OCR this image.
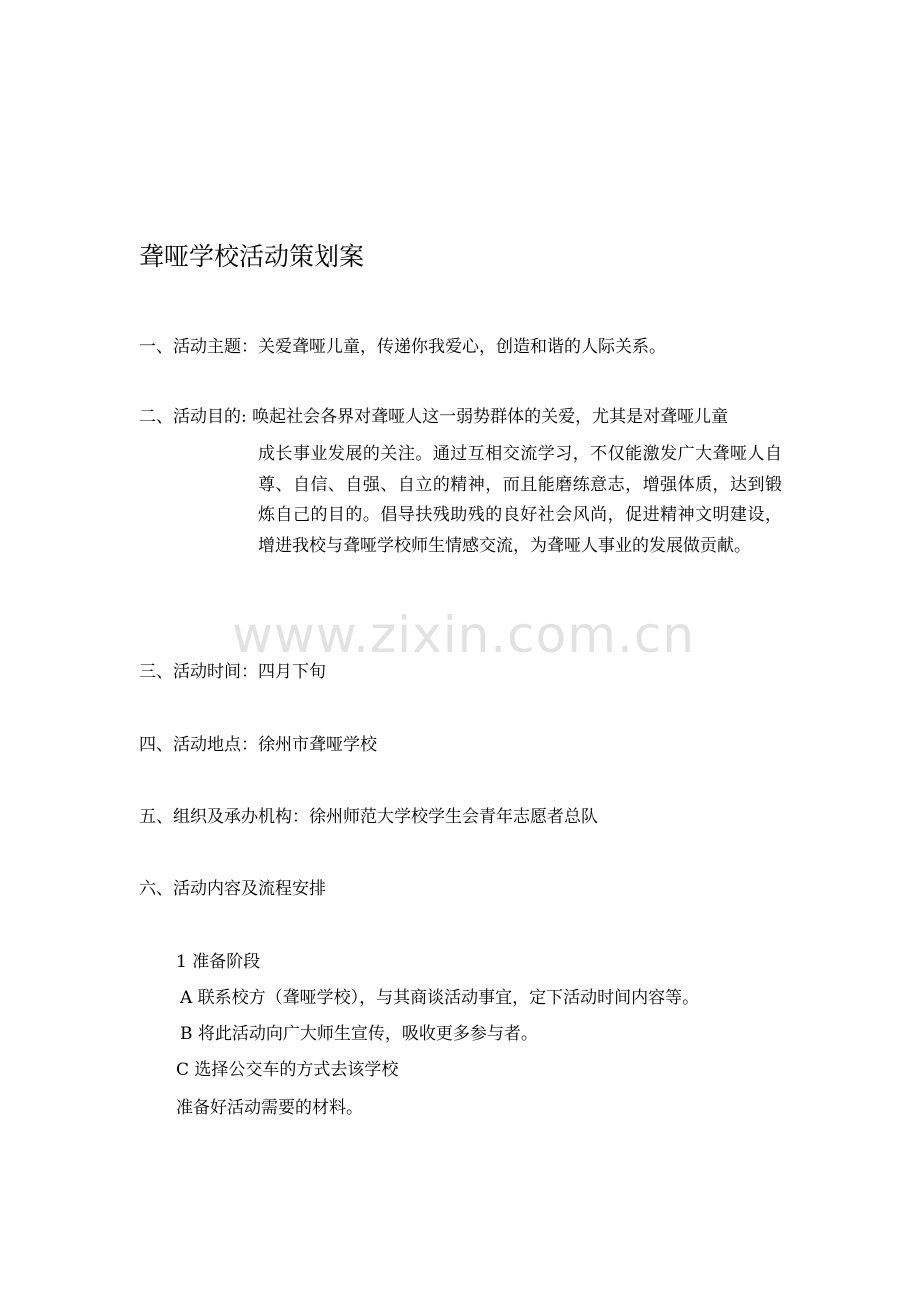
聋哑学校活动策划案
一、活动主题：关爱聋哑儿童，传递你我爱心，创造和谐的人际关系。
二、活动目的: 唤起社会各界对聋哑人这一弱势群体的关爱，尤其是对聋哑儿童
成长事业发展的关注。通过互相交流学习，不仅能激发广大聋哑人自尊、自信、自强、自立的精神，而且能磨练意志，增强体质，达到锻炼自己的目的。倡导扶残助残的良好社会风尚，促进精神文明建设，增进我校与聋哑学校师生情感交流，为聋哑人事业的发展做贡献。
三、活动时间：四月下旬
四、活动地点：徐州市聋哑学校
五、组织及承办机构：徐州师范大学校学生会青年志愿者总队
六、活动内容及流程安排
1 准备阶段
A 联系校方（聋哑学校），与其商谈活动事宜，定下活动时间内容等。
B 将此活动向广大师生宣传，吸收更多参与者。
C 选择公交车的方式去该学校
准备好活动需要的材料。
www.zixin.com.cn
